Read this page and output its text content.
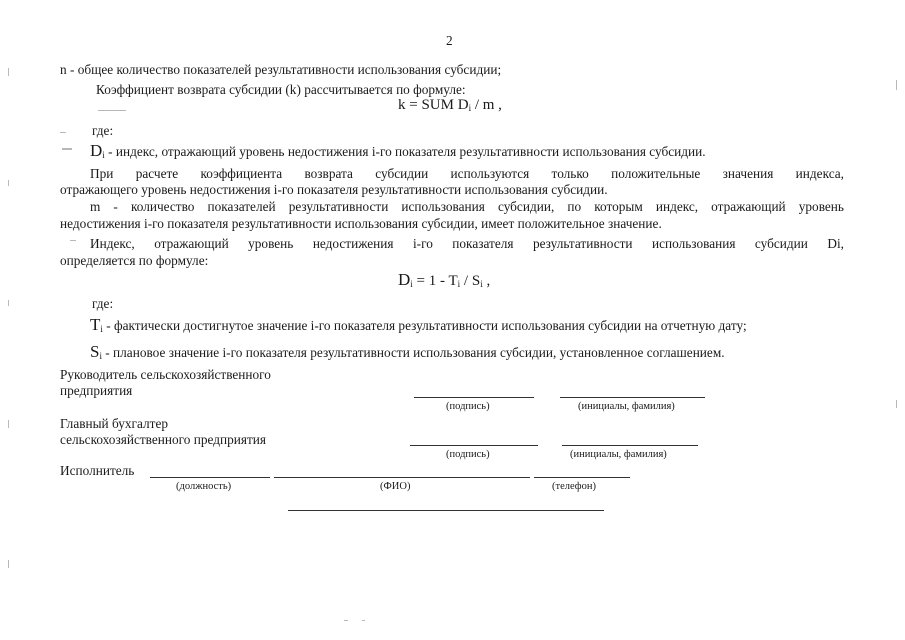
2
n - общее количество показателей результативности использования субсидии;
Коэффициент возврата субсидии (k) рассчитывается по формуле:
k = SUM $D_i$ / m ,
где:
$D_i$ - индекс, отражающий уровень недостижения i-го показателя результативности использования субсидии.
При расчете коэффициента возврата субсидии используются только положительные значения индекса,
отражающего уровень недостижения i-го показателя результативности использования субсидии.
m - количество показателей результативности использования субсидии, по которым индекс, отражающий уровень
недостижения i-го показателя результативности использования субсидии, имеет положительное значение.
Индекс, отражающий уровень недостижения i-го показателя результативности использования субсидии Di,
определяется по формуле:
$D_i = 1 - T_i / S_i$ ,
где:
$T_i$ - фактически достигнутое значение i-го показателя результативности использования субсидии на отчетную дату;
$S_i$ - плановое значение i-го показателя результативности использования субсидии, установленное соглашением.
Руководитель сельскохозяйственного
предприятия
(подпись)	(инициалы, фамилия)
Главный бухгалтер
сельскохозяйственного предприятия
(подпись)	(инициалы, фамилия)
Исполнитель
(должность)	(ФИО)	(телефон)
